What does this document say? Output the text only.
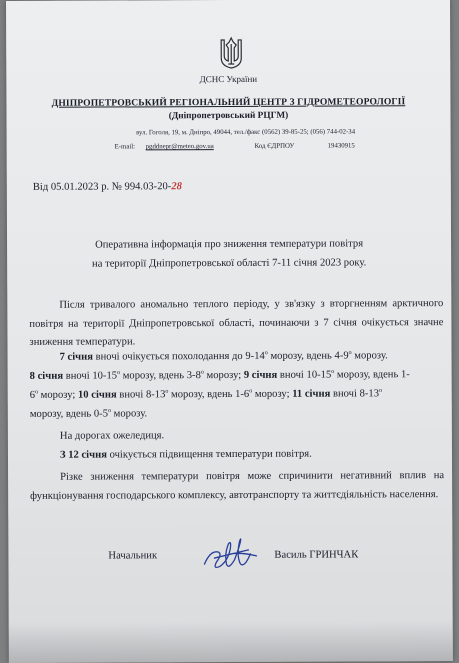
ДСНС України
ДНІПРОПЕТРОВСЬКИЙ РЕГІОНАЛЬНИЙ ЦЕНТР З ГІДРОМЕТЕОРОЛОГІЇ
(Дніпропетровський РЦГМ)
вул. Гоголя, 19, м. Дніпро, 49044, тел./факс (0562) 39-85-25; (056) 744-02-34
E-mail: pgddnepr@meteo.gov.ua	Код ЄДРПОУ	19430915
Від 05.01.2023 р. № 994.03-20-28
Оперативна інформація про зниження температури повітря
на території Дніпропетровської області 7-11 січня 2023 року.
Після тривалого аномально теплого періоду, у зв'язку з вторгненням арктичного повітря на території Дніпропетровської області, починаючи з 7 січня очікується значне зниження температури.
7 січня вночі очікується похолодання до 9-14$^o$ морозу, вдень 4-9$^o$ морозу.
8 січня вночі 10-15$^o$ морозу, вдень 3-8$^o$ морозу; 9 січня вночі 10-15$^o$ морозу, вдень 1-
6$^o$ морозу; 10 січня вночі 8-13$^o$ морозу, вдень 1-6$^o$ морозу; 11 січня вночі 8-13$^o$
морозу, вдень 0-5$^o$ морозу.
На дорогах ожеледиця.
З 12 січня очікується підвищення температури повітря.
Різке зниження температури повітря може спричинити негативний вплив на функціонування господарського комплексу, автотранспорту та життєдіяльність населення.
Начальник	Василь ГРИНЧАК
